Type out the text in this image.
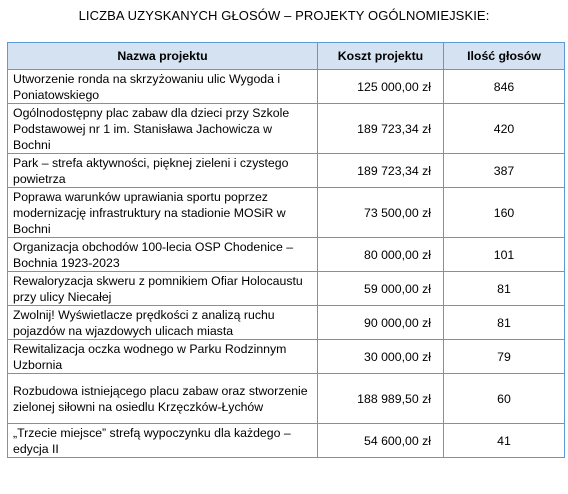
LICZBA UZYSKANYCH GŁOSÓW – PROJEKTY OGÓLNOMIEJSKIE:
Nazwa projektu	Koszt projektu	Ilość głosów
Utworzenie ronda na skrzyżowaniu ulic Wygoda i Poniatowskiego	125 000,00 zł	846
Ogólnodostępny plac zabaw dla dzieci przy Szkole Podstawowej nr 1 im. Stanisława Jachowicza w Bochni	189 723,34 zł	420
Park – strefa aktywności, pięknej zieleni i czystego powietrza	189 723,34 zł	387
Poprawa warunków uprawiania sportu poprzez modernizację infrastruktury na stadionie MOSiR w Bochni	73 500,00 zł	160
Organizacja obchodów 100-lecia OSP Chodenice – Bochnia 1923-2023	80 000,00 zł	101
Rewaloryzacja skweru z pomnikiem Ofiar Holocaustu przy ulicy Niecałej	59 000,00 zł	81
Zwolnij! Wyświetlacze prędkości z analizą ruchu pojazdów na wjazdowych ulicach miasta	90 000,00 zł	81
Rewitalizacja oczka wodnego w Parku Rodzinnym Uzbornia	30 000,00 zł	79
Rozbudowa istniejącego placu zabaw oraz stworzenie zielonej siłowni na osiedlu Krzęczków-Łychów	188 989,50 zł	60
„Trzecie miejsce” strefą wypoczynku dla każdego – edycja II	54 600,00 zł	41
